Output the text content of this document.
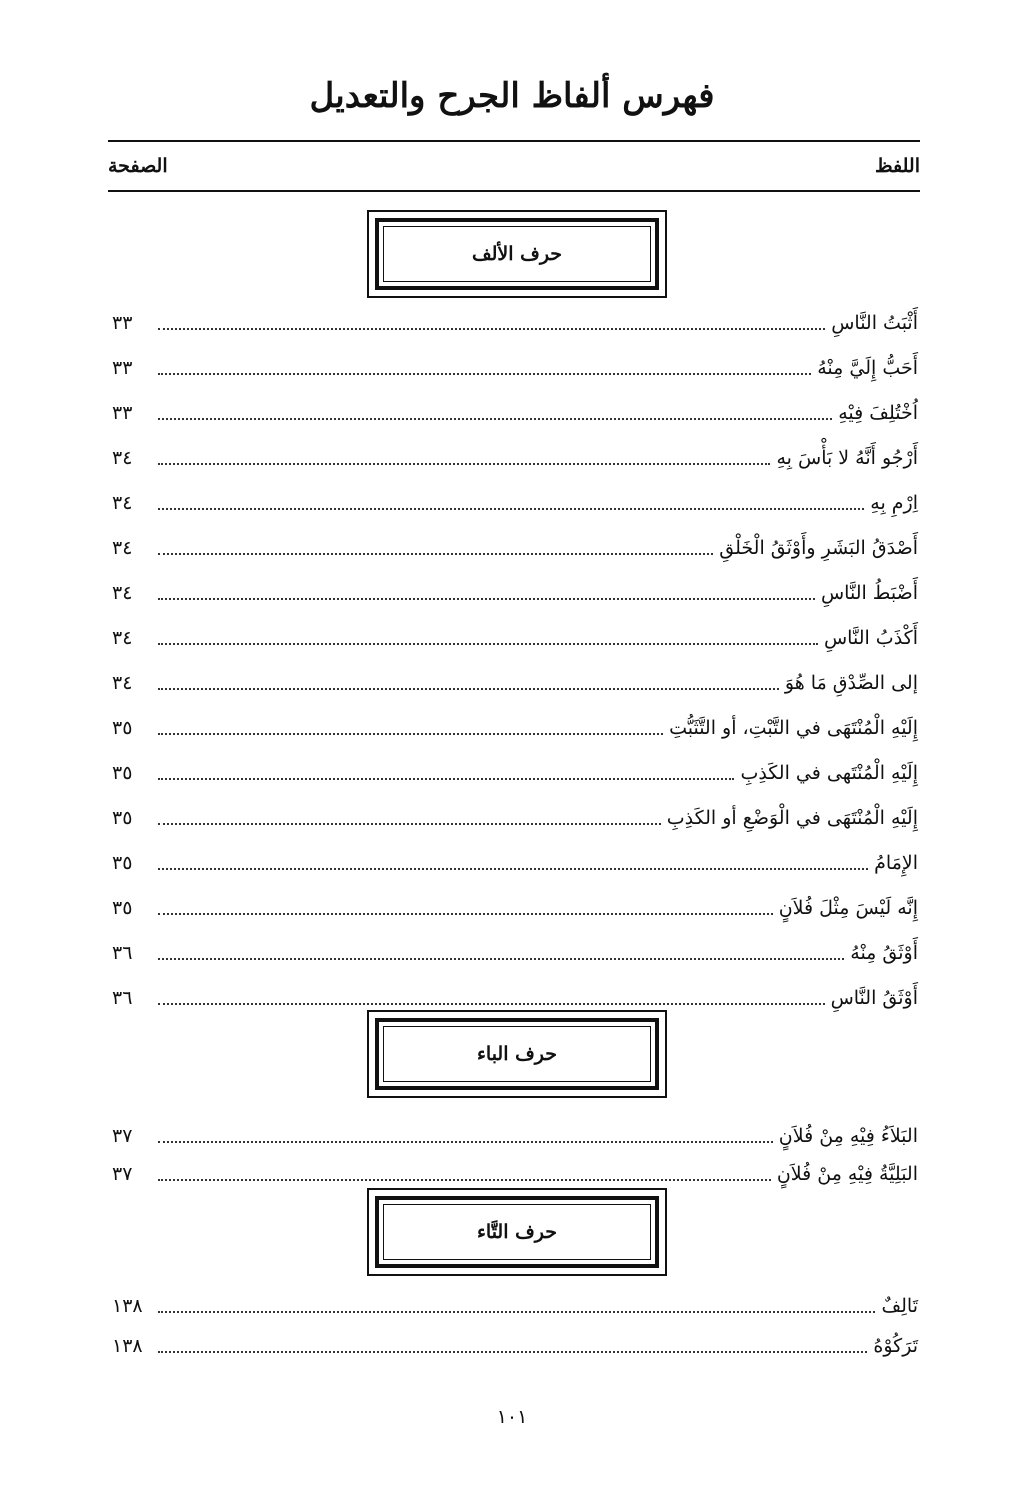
فهرس ألفاظ الجرح والتعديل
اللفظ
الصفحة
حرف الألف
أَثْبَتُ النَّاسِ
٣٣
أَحَبُّ إِلَيَّ مِنْهُ
٣٣
اُخْتُلِفَ فِيْهِ
٣٣
أَرْجُو أَنَّهُ لا بَأْسَ بِهِ
٣٤
اِرْمِ بِهِ
٣٤
أَصْدَقُ البَشَرِ وأَوْثَقُ الْخَلْقِ
٣٤
أَضْبَطُ النَّاسِ
٣٤
أَكْذَبُ النَّاسِ
٣٤
إلى الصِّدْقِ مَا هُوَ
٣٤
إِلَيْهِ الْمُنْتَهَى في التَّبْتِ، أو التَّثَبُّتِ
٣٥
إِلَيْهِ الْمُنْتَهى في الكَذِبِ
٣٥
إِلَيْهِ الْمُنْتَهَى في الْوَضْعِ أو الكَذِبِ
٣٥
الإِمَامُ
٣٥
إِنَّه لَيْسَ مِثْلَ فُلاَنٍ
٣٥
أَوْثَقُ مِنْهُ
٣٦
أَوْثَقُ النَّاسِ
٣٦
حرف الباء
البَلاَءُ فِيْهِ مِنْ فُلاَنٍ
٣٧
البَلِيَّةُ فِيْهِ مِنْ فُلاَنٍ
٣٧
حرف التَّاء
تَالِفٌ
١٣٨
تَرَكُوْهُ
١٣٨
١٠١
